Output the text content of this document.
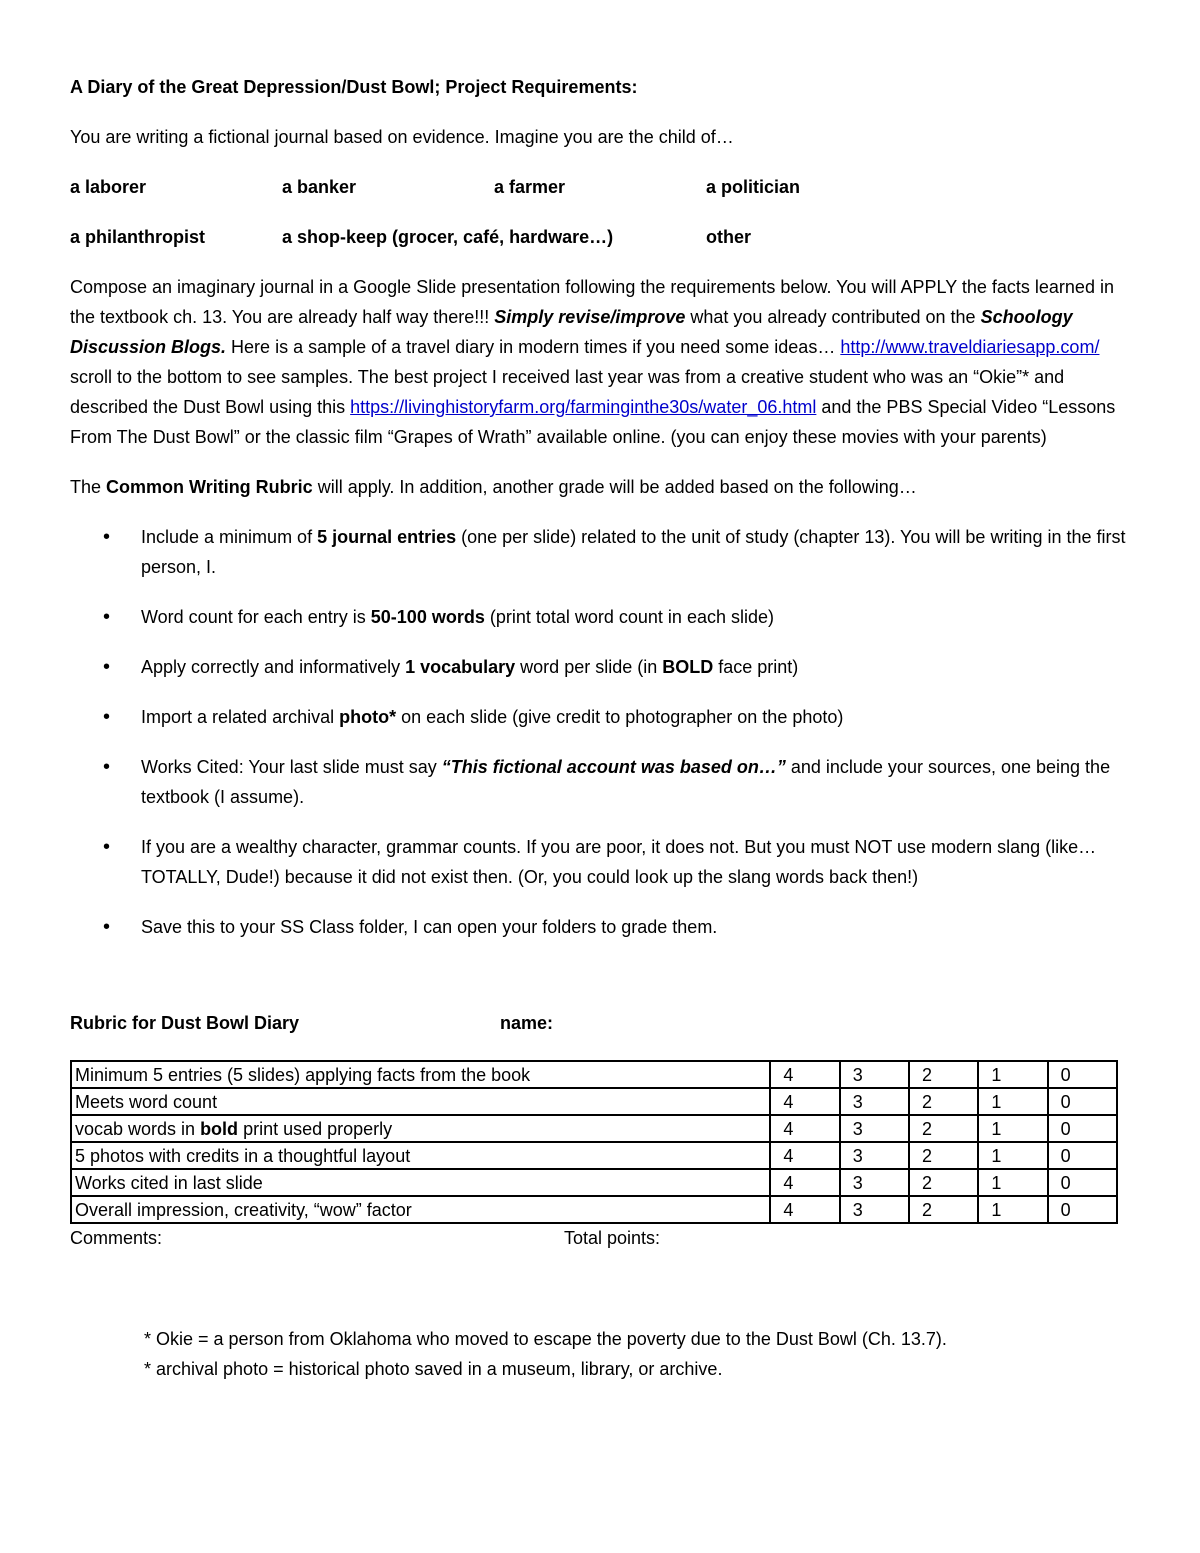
A Diary of the Great Depression/Dust Bowl; Project Requirements:

You are writing a fictional journal based on evidence. Imagine you are the child of…

a laborer	a banker	a farmer	a politician
a philanthropist	a shop-keep (grocer, café, hardware…)	other

Compose an imaginary journal in a Google Slide presentation following the requirements below. You will APPLY the facts learned in the textbook ch. 13. You are already half way there!!! Simply revise/improve what you already contributed on the Schoology Discussion Blogs. Here is a sample of a travel diary in modern times if you need some ideas… http://www.traveldiariesapp.com/ scroll to the bottom to see samples. The best project I received last year was from a creative student who was an “Okie”* and described the Dust Bowl using this https://livinghistoryfarm.org/farminginthe30s/water_06.html and the PBS Special Video “Lessons From The Dust Bowl” or the classic film “Grapes of Wrath” available online. (you can enjoy these movies with your parents)

The Common Writing Rubric will apply. In addition, another grade will be added based on the following…

• Include a minimum of 5 journal entries (one per slide) related to the unit of study (chapter 13). You will be writing in the first person, I.
• Word count for each entry is 50-100 words (print total word count in each slide)
• Apply correctly and informatively 1 vocabulary word per slide (in BOLD face print)
• Import a related archival photo* on each slide (give credit to photographer on the photo)
• Works Cited: Your last slide must say “This fictional account was based on…” and include your sources, one being the textbook (I assume).
• If you are a wealthy character, grammar counts. If you are poor, it does not. But you must NOT use modern slang (like… TOTALLY, Dude!) because it did not exist then. (Or, you could look up the slang words back then!)
• Save this to your SS Class folder, I can open your folders to grade them.
Rubric for Dust Bowl Diary	name:
Minimum 5 entries (5 slides) applying facts from the book	4	3	2	1	0
Meets word count	4	3	2	1	0
vocab words in bold print used properly	4	3	2	1	0
5 photos with credits in a thoughtful layout	4	3	2	1	0
Works cited in last slide	4	3	2	1	0
Overall impression, creativity, “wow” factor	4	3	2	1	0
Comments:	Total points:

* Okie = a person from Oklahoma who moved to escape the poverty due to the Dust Bowl (Ch. 13.7).

* archival photo = historical photo saved in a museum, library, or archive.
